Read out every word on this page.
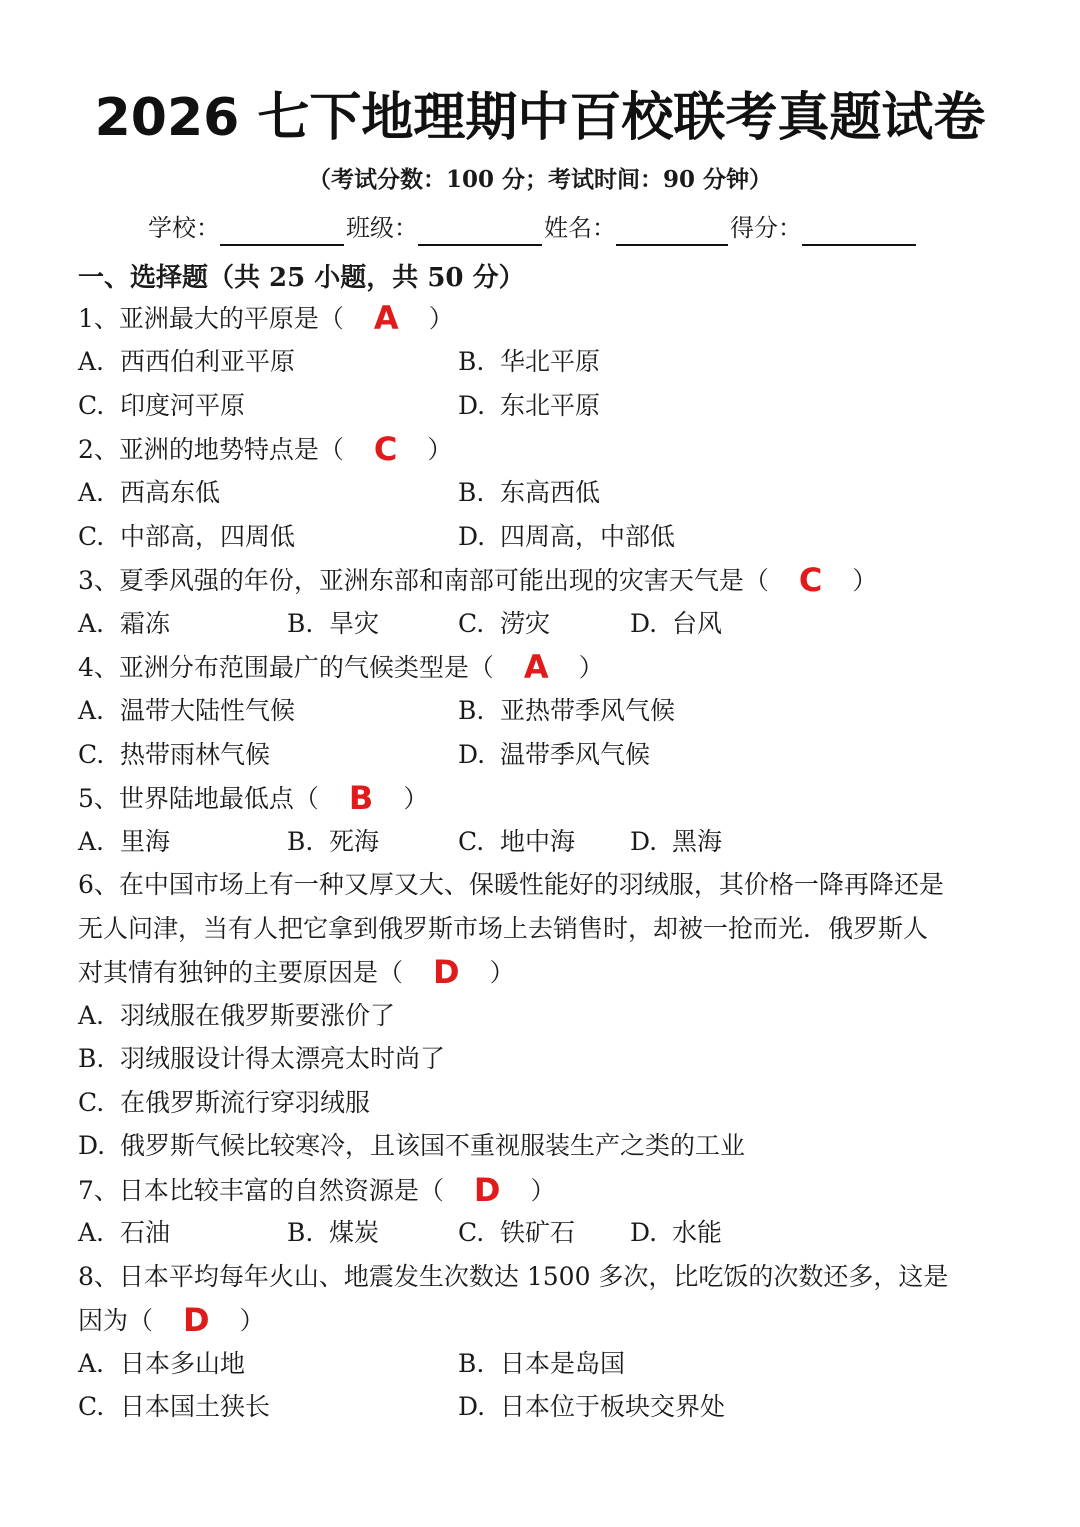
2026 七下地理期中百校联考真题试卷
（考试分数：100 分；考试时间：90 分钟）
学校：	班级：	姓名：	得分：
一、选择题（共 25 小题，共 50 分）
1、亚洲最大的平原是（ A ）
A. 西西伯利亚平原	B. 华北平原
C. 印度河平原	D. 东北平原
2、亚洲的地势特点是（ C ）
A. 西高东低	B. 东高西低
C. 中部高，四周低	D. 四周高，中部低
3、夏季风强的年份，亚洲东部和南部可能出现的灾害天气是（ C ）
A. 霜冻	B. 旱灾	C. 涝灾	D. 台风
4、亚洲分布范围最广的气候类型是（ A ）
A. 温带大陆性气候	B. 亚热带季风气候
C. 热带雨林气候	D. 温带季风气候
5、世界陆地最低点（ B ）
A. 里海	B. 死海	C. 地中海 D. 黑海
6、在中国市场上有一种又厚又大、保暖性能好的羽绒服，其价格一降再降还是
无人问津，当有人把它拿到俄罗斯市场上去销售时，却被一抢而光．俄罗斯人
对其情有独钟的主要原因是（ D ）
A. 羽绒服在俄罗斯要涨价了
B. 羽绒服设计得太漂亮太时尚了
C. 在俄罗斯流行穿羽绒服
D. 俄罗斯气候比较寒冷，且该国不重视服装生产之类的工业
7、日本比较丰富的自然资源是（ D ）
A. 石油	B. 煤炭	C. 铁矿石 D. 水能
8、日本平均每年火山、地震发生次数达 1500 多次，比吃饭的次数还多，这是
因为（ D ）
A. 日本多山地	B. 日本是岛国
C. 日本国土狭长	D. 日本位于板块交界处
